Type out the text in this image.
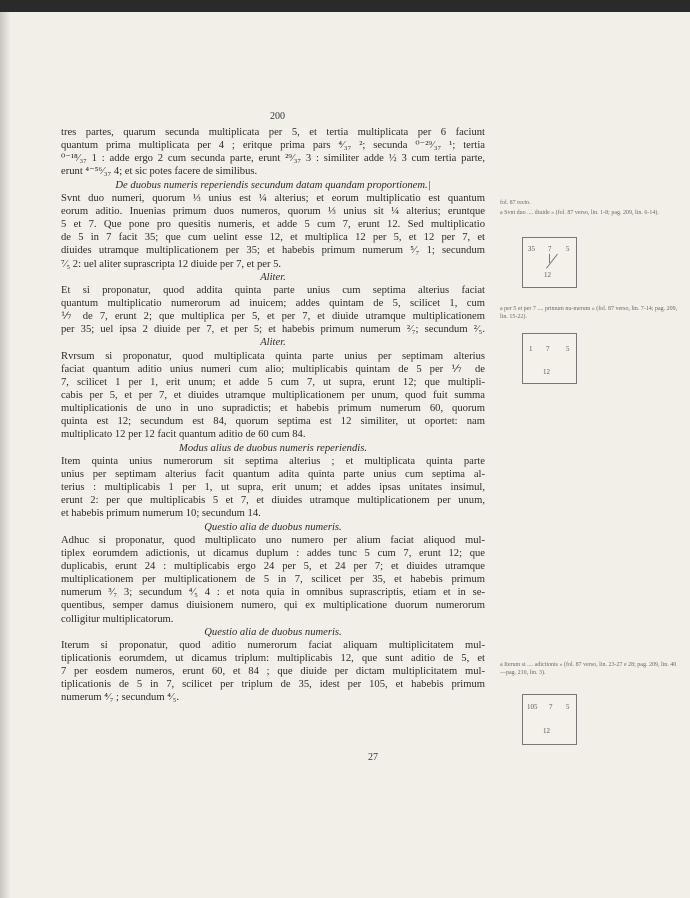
200
tres partes, quarum secunda multiplicata per 5, et tertia multiplicata per 6 faciunt
quantum prima multiplicata per 4 ; eritque prima pars ⁴⁄₃₇ ²; secunda ⁰⁻²⁹⁄₃₇ ¹; tertia
⁰⁻¹⁸⁄₃₇ 1 : adde ergo 2 cum secunda parte, erunt ²⁹⁄₃₇ 3 : similiter adde ½ 3 cum tertia parte,
erunt ⁴⁻⁵⁶⁄₃₇ 4; et sic potes facere de similibus.
De duobus numeris reperiendis secundum datam quandam proportionem.|
Svnt duo numeri, quorum ⅓ unius est ¼ alterius; et eorum multiplicatio est quantum
eorum aditio. Inuenias primum duos numeros, quorum ⅓ unius sit ¼ alterius; eruntque
5 et 7. Que pone pro quesitis numeris, et adde 5 cum 7, erunt 12. Sed multiplicatio
de 5 in 7 facit 35; que cum uelint esse 12, et multiplica 12 per 5, et 12 per 7, et
diuides utramque multiplicationem per 35; et habebis primum numerum ⁵⁄₇ 1; secundum
⁷⁄₅ 2: uel aliter suprascripta 12 diuide per 7, et per 5.
Aliter.
Et si proponatur, quod addita quinta parte unius cum septima alterius faciat
quantum multiplicatio numerorum ad inuicem; addes quintam de 5, scilicet 1, cum
⅐ de 7, erunt 2; que multiplica per 5, et per 7, et diuide utramque multiplicationem
per 35; uel ipsa 2 diuide per 7, et per 5; et habebis primum numerum ²⁄₇; secundum ²⁄₅.
Aliter.
Rvrsum si proponatur, quod multiplicata quinta parte unius per septimam alterius
faciat quantum aditio unius numeri cum alio; multiplicabis quintam de 5 per ⅐ de
7, scilicet 1 per 1, erit unum; et adde 5 cum 7, ut supra, erunt 12; que multipli-
cabis per 5, et per 7, et diuides utramque multiplicationem per unum, quod fuit summa
multiplicationis de uno in uno supradictis; et habebis primum numerum 60, quorum
quinta est 12; secundum est 84, quorum septima est 12 similiter, ut oportet: nam
multiplicato 12 per 12 facit quantum aditio de 60 cum 84.
Modus alius de duobus numeris reperiendis.
Item quinta unius numerorum sit septima alterius ; et multiplicata quinta parte
unius per septimam alterius facit quantum adita quinta parte unius cum septima al-
terius : multiplicabis 1 per 1, ut supra, erit unum; et addes ipsas unitates insimul,
erunt 2: per que multiplicabis 5 et 7, et diuides utramque multiplicationem per unum,
et habebis primum numerum 10; secundum 14.
Questio alia de duobus numeris.
Adhuc si proponatur, quod multiplicato uno numero per alium faciat aliquod mul-
tiplex eorumdem adictionis, ut dicamus duplum : addes tunc 5 cum 7, erunt 12; que
duplicabis, erunt 24 : multiplicabis ergo 24 per 5, et 24 per 7; et diuides utramque
multiplicationem per multiplicationem de 5 in 7, scilicet per 35, et habebis primum
numerum ³⁄₇ 3; secundum ⁴⁄₅ 4 : et nota quia in omnibus suprascriptis, etiam et in se-
quentibus, semper damus diuisionem numero, qui ex multiplicatione duorum numerorum
colligitur multiplicatorum.
Questio alia de duobus numeris.
Iterum si proponatur, quod aditio numerorum faciat aliquam multiplicitatem mul-
tiplicationis eorumdem, ut dicamus triplum: multiplicabis 12, que sunt aditio de 5, et
7 per eosdem numeros, erunt 60, et 84 ; que diuide per dictam multiplicitatem mul-
tiplicationis de 5 in 7, scilicet per triplum de 35, idest per 105, et habebis primum
numerum ⁴⁄₇ ; secundum ⁴⁄₅.
27
fol. 87 recto.
a Svnt duo .... diuide » (fol. 87 verso, lin. 1-8; pag. 209, lin. 6-14).
a per 5 et per 7 .... primum nu-merum » (fol. 87 verso, lin. 7-14; pag. 209, lin. 15-22).
a Iterum si .... adictionis » (fol. 87 verso, lin. 23-27 e 28; pag. 209, lin. 40—pag. 210, lin. 3).
35 7 5
12
1 7 5
12
105 7 5
12
